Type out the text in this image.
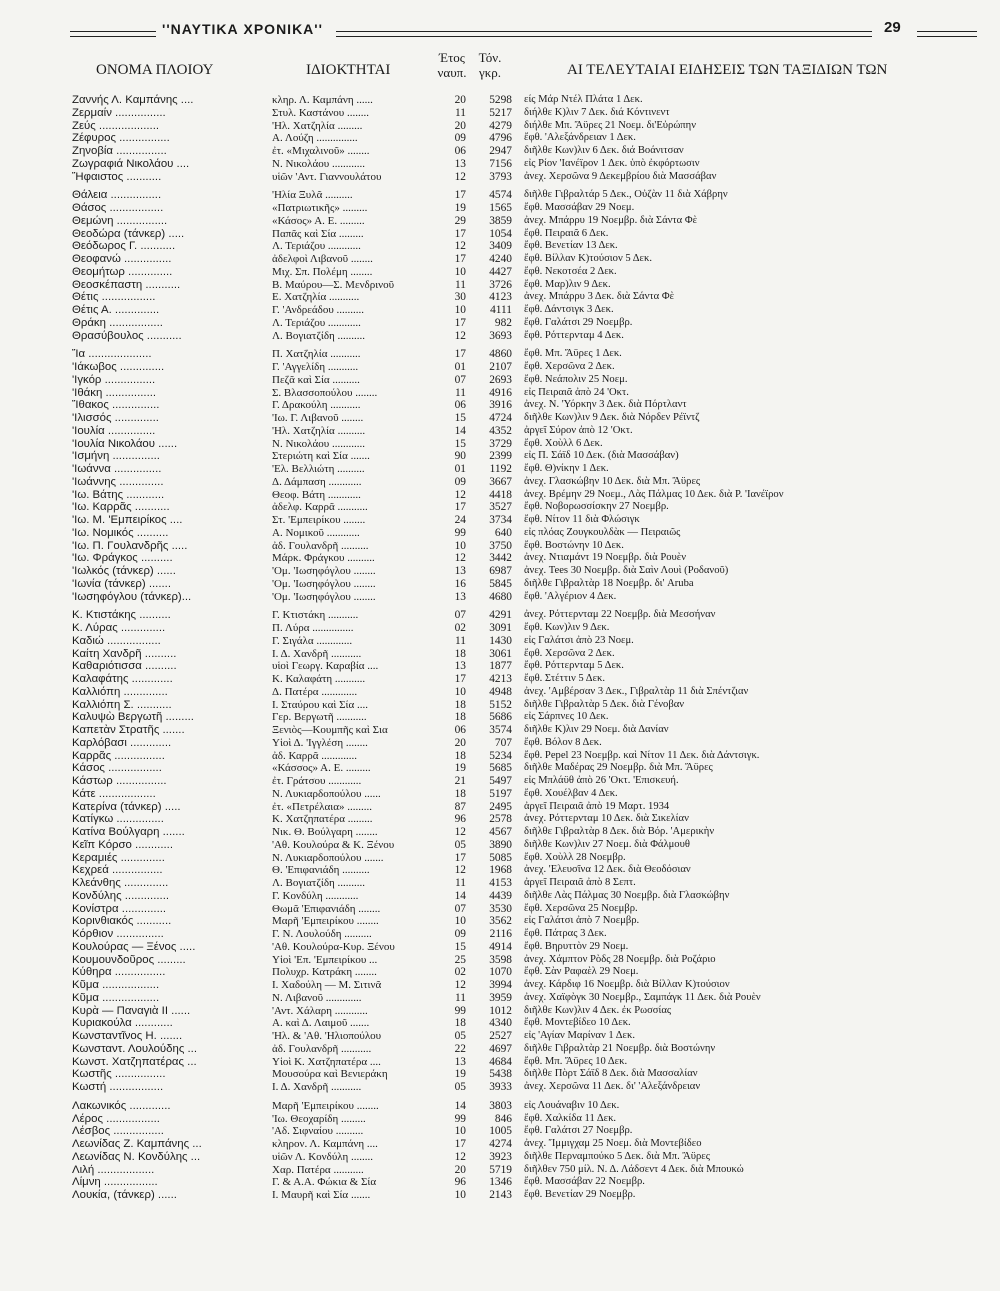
''ΝΑΥΤΙΚΑ ΧΡΟΝΙΚΑ''	29
ΟΝΟΜΑ ΠΛΟΙΟΥ	ΙΔΙΟΚΤΗΤΑΙ
Έτος ναυπ.
Τόν. γκρ.	ΑΙ ΤΕΛΕΥΤΑΙΑΙ ΕΙΔΗΣΕΙΣ ΤΩΝ ΤΑΞΙΔΙΩΝ ΤΩΝ
Ζαννής Λ. Καμπάνης ....	κληρ. Λ. Καμπάνη ......	20	5298 είς Μάρ Ντέλ Πλάτα 1 Δεκ.
Ζερμαίν ................	Στυλ. Καστάνου ........	11	5217 διήλθε Κ)λιν 7 Δεκ. διά Κόντινεντ
Ζεύς ...................	'Ηλ. Χατζηλία .........	20	4279 διήλθε Μπ. Ἄϋρες 21 Νοεμ. δι'Εὐρώπην
Ζέφυρος ................	Α. Λούζη ...............	09	4796 ἔφθ. 'Αλεξάνδρειαν 1 Δεκ.
Ζηνοβία ................	ἐτ. «Μιχαλινοῦ» ........	06	2947 διῆλθε Κων)λιν 6 Δεκ. διά Βοάνιτσαν
Ζωγραφιά Νικολάου ....	Ν. Νικολάου ............	13	7156 εἰς Ρίον 'Ιανέϊρον 1 Δεκ. ὑπὸ ἐκφόρτωσιν
Ἥφαιστος ...........	υἱῶν 'Αντ. Γιαννουλάτου	12	3793 ἀνεχ. Χερσῶνα 9 Δεκεμβρίου διὰ Μασσάβαν
Θάλεια ................	'Ηλία Ξυλᾶ ..........	17	4574 διῆλθε Γιβραλτάρ 5 Δεκ., Οὐζὰν 11 διὰ Χάβρην
Θάσος .................	«Πατριωτικῆς» .........	19	1565 ἔφθ. Μασσάβαν 29 Νοεμ.
Θεμώνη ................	«Κάσος» Α. Ε. .........	29	3859 ἀνεχ. Μπάρρυ 19 Νοεμβρ. διὰ Σάντα Φὲ
Θεοδώρα (τάνκερ) .....	Παπᾶς καὶ Σία .........	17	1054 ἔφθ. Πειραιᾶ 6 Δεκ.
Θεόδωρος Γ. ...........	Λ. Τεριάζου ............	12	3409 ἔφθ. Βενετίαν 13 Δεκ.
Θεοφανώ ...............	ἀδελφοὶ Λιβανοῦ ........	17	4240 ἔφθ. Βίλλαν Κ)τούσιον 5 Δεκ.
Θεομήτωρ ..............	Μιχ. Σπ. Πολέμη ........	10	4427 ἔφθ. Νεκοτσέα 2 Δεκ.
Θεοσκέπαστη ...........	Β. Μαύρου—Σ. Μενδρινοῦ	11	3726 ἔφθ. Μαρ)λιν 9 Δεκ.
Θέτις .................	Ε. Χατζηλία ...........	30	4123 ἀνεχ. Μπάρρυ 3 Δεκ. διὰ Σάντα Φὲ
Θέτις Α. ..............	Γ. 'Ανδρεάδου ..........	10	4111 ἔφθ. Δάντσιγκ 3 Δεκ.
Θράκη .................	Λ. Τεριάζου ............	17	982 ἔφθ. Γαλάτσι 29 Νοεμβρ.
Θρασύβουλος ...........	Λ. Βογιατζίδη ..........	12	3693 ἔφθ. Ρόττερνταμ 4 Δεκ.
Ἴα ....................	Π. Χατζηλία ...........	17	4860 ἔφθ. Μπ. Ἄϋρες 1 Δεκ.
'Ιάκωβος ..............	Γ. 'Αγγελίδη ...........	01	2107 ἔφθ. Χερσῶνα 2 Δεκ.
'Ιγκόρ ................	Πεζᾶ καὶ Σία ..........	07	2693 ἔφθ. Νεάπολιν 25 Νοεμ.
'Ιθάκη ................	Σ. Βλασσοπούλου ........	11	4916 εἰς Πειραιᾶ ἀπὸ 24 'Οκτ.
Ἴθακος ...............	Γ. Δρακούλη ...........	06	3916 ἀνεχ. Ν. 'Υόρκην 3 Δεκ. διὰ Πόρτλαντ
'Ιλισσός ..............	'Ιω. Γ. Λιβανοῦ ........	15	4724 διῆλθε Κων)λιν 9 Δεκ. διὰ Νόρδεν Ρέϊντζ
'Ιουλία ...............	'Ηλ. Χατζηλία ..........	14	4352 ἀργεῖ Σύρον ἀπὸ 12 'Οκτ.
'Ιουλία Νικολάου ......	Ν. Νικολάου ............	15	3729 ἔφθ. Χοὺλλ 6 Δεκ.
'Ισμήνη ...............	Στεριώτη καὶ Σία .......	90	2399 εἰς Π. Σάϊδ 10 Δεκ. (διὰ Μασσάβαν)
'Ιωάννα ...............	'Ελ. Βελλιώτη ..........	01	1192 ἔφθ. Θ)νίκην 1 Δεκ.
'Ιωάννης ..............	Δ. Δάμπαση ............	09	3667 ἀνεχ. Γλασκώβην 10 Δεκ. διὰ Μπ. Ἄϋρες
'Ιω. Βάτης ............	Θεοφ. Βάτη ............	12	4418 ἀνεχ. Βρέμην 29 Νοεμ., Λὰς Πάλμας 10 Δεκ. διὰ Ρ. 'Ιανέϊρον
'Ιω. Καρρᾶς ...........	ἀδελφ. Καρρᾶ ...........	17	3527 ἔφθ. Νοβορωσσίσκην 27 Νοεμβρ.
'Ιω. Μ. 'Εμπειρίκος ....	Στ. 'Εμπειρίκου ........	24	3734 ἔφθ. Νίτον 11 διὰ Φλώσιγκ
'Ιω. Νομικός ..........	Α. Νομικοῦ ............	99	640 εἰς πλόας Ζουγκουλδὰκ — Πειραιῶς
'Ιω. Π. Γουλανδρῆς .....	ἀδ. Γουλανδρῆ ..........	10	3750 ἔφθ. Βοστώνην 10 Δεκ.
'Ιω. Φράγκος ..........	Μάρκ. Φράγκου ..........	12	3442 ἀνεχ. Ντιαμάντ 19 Νοεμβρ. διὰ Ρουὲν
'Ιωλκός (τάνκερ) ......	'Ομ. 'Ιωσηφόγλου ........	13	6987 ἀνεχ. Tees 30 Νοεμβρ. διὰ Σαὶν Λουὶ (Ροδανοῦ)
'Ιωνία (τάνκερ) .......	'Ομ. 'Ιωσηφόγλου ........	16	5845 διῆλθε Γιβραλτὰρ 18 Νοεμβρ. δι' Aruba
'Ιωσηφόγλου (τάνκερ)...	'Ομ. 'Ιωσηφόγλου ........	13	4680 ἔφθ. 'Αλγέριον 4 Δεκ.
Κ. Κτιστάκης ..........	Γ. Κτιστάκη ...........	07	4291 ἀνεχ. Ρόττερνταμ 22 Νοεμβρ. διὰ Μεσσήναν
Κ. Λύρας ..............	Π. Λύρα ...............	02	3091 ἔφθ. Κων)λιν 9 Δεκ.
Καδιώ .................	Γ. Σιγάλα .............	11	1430 εἰς Γαλάτσι ἀπὸ 23 Νοεμ.
Καίτη Χανδρῆ ..........	Ι. Δ. Χανδρῆ ...........	18	3061 ἔφθ. Χερσῶνα 2 Δεκ.
Καθαριότισσα ..........	υἱοὶ Γεωργ. Καραβία ....	13	1877 ἔφθ. Ρόττερνταμ 5 Δεκ.
Καλαφάτης .............	Κ. Καλαφάτη ...........	17	4213 ἔφθ. Στέττιν 5 Δεκ.
Καλλιόπη ..............	Δ. Πατέρα .............	10	4948 ἀνεχ. 'Αμβέρσαν 3 Δεκ., Γιβραλτὰρ 11 διὰ Σπέντζιαν
Καλλιόπη Σ. ...........	Ι. Σταύρου καὶ Σία ....	18	5152 διῆλθε Γιβραλτὰρ 5 Δεκ. διὰ Γένοβαν
Καλυψὼ Βεργωτῆ .........	Γερ. Βεργωτῆ ...........	18	5686 εἰς Σάρπνες 10 Δεκ.
Καπετὰν Στρατῆς .......	Ξενιὸς—Κουμπῆς καὶ Σια	06	3574 διῆλθε Κ)λιν 29 Νοεμ. διὰ Δανίαν
Καρλόβασι .............	Υἱοὶ Δ. 'Ιγγλέση ........	20	707 ἔφθ. Βόλον 8 Δεκ.
Καρρᾶς ................	ἀδ. Καρρᾶ .............	18	5234 ἔφθ. Pepel 23 Νοεμβρ. καὶ Νίτον 11 Δεκ. διὰ Δάντσιγκ.
Κάσος .................	«Κάσσος» Α. Ε. .........	19	5685 διῆλθε Μαδέρας 29 Νοεμβρ. διὰ Μπ. Ἄϋρες
Κάστωρ ................	ἐτ. Γράτσου ............	21	5497 εἰς Μπλάϋθ ἀπὸ 26 'Οκτ. 'Επισκευή.
Κάτε ..................	Ν. Λυκιαρδοπούλου ......	18	5197 ἔφθ. Χουέλβαν 4 Δεκ.
Κατερίνα (τάνκερ) .....	ἐτ. «Πετρέλαια» .........	87	2495 ἀργεῖ Πειραιᾶ ἀπὸ 19 Μαρτ. 1934
Κατίγκω ...............	Κ. Χατζηπατέρα .........	96	2578 ἀνεχ. Ρόττερνταμ 10 Δεκ. διὰ Σικελίαν
Κατίνα Βούλγαρη .......	Νικ. Θ. Βούλγαρη ........	12	4567 διῆλθε Γιβραλτὰρ 8 Δεκ. διὰ Βόρ. 'Αμερικὴν
Κεῖπ Κόρσο ............	'Αθ. Κουλούρα & Κ. Ξένου	05	3890 διῆλθε Κων)λιν 27 Νοεμ. διὰ Φάλμουθ
Κεραμιές ..............	Ν. Λυκιαρδοπούλου .......	17	5085 ἔφθ. Χοὺλλ 28 Νοεμβρ.
Κεχρεά ................	Θ. 'Επιφανιάδη ..........	12	1968 ἀνεχ. 'Ελευσῖνα 12 Δεκ. διὰ Θεοδόσιαν
Κλεάνθης ..............	Λ. Βογιατζίδη ..........	11	4153 ἀργεῖ Πειραιᾶ ἀπὸ 8 Σεπτ.
Κονδύλης ..............	Γ. Κονδύλη ............	14	4439 διῆλθε Λὰς Πάλμας 30 Νοεμβρ. διὰ Γλασκώβην
Κονίστρα ..............	Θωμᾶ 'Επιφανιάδη ........	07	3530 ἔφθ. Χερσῶνα 25 Νοεμβρ.
Κορινθιακός ...........	Μαρῆ 'Εμπειρίκου ........	10	3562 εἰς Γαλάτσι ἀπὸ 7 Νοεμβρ.
Κόρθιον ...............	Γ. Ν. Λουλούδη ..........	09	2116 ἔφθ. Πάτρας 3 Δεκ.
Κουλούρας — Ξένος .....	'Αθ. Κουλούρα-Κυρ. Ξένου	15	4914 ἔφθ. Βηρυττὸν 29 Νοεμ.
Κουμουνδοῦρος .........	Υἱοὶ 'Επ. 'Εμπειρίκου ...	25	3598 ἀνεχ. Χάμπτον Ρὸδς 28 Νοεμβρ. διὰ Ροζάριο
Κύθηρα ................	Πολυχρ. Κατράκη ........	02	1070 ἔφθ. Σὰν Ραφαὲλ 29 Νοεμ.
Κῦμα ..................	Ι. Χαδούλη — Μ. Σιτινᾶ	12	3994 ἀνεχ. Κάρδιφ 16 Νοεμβρ. διὰ Βίλλαν Κ)τούσιον
Κῦμα ..................	Ν. Λιβανοῦ .............	11	3959 ἀνεχ. Χαϊφὸγκ 30 Νοεμβρ., Σαμπάγκ 11 Δεκ. διὰ Ρουὲν
Κυρὰ — Παναγιὰ ΙΙ ......	'Αντ. Χάλαρη ............	99	1012 διῆλθε Κων)λιν 4 Δεκ. ἐκ Ρωσσίας
Κυριακούλα ............	Α. καὶ Δ. Λαιμοῦ .......	18	4340 ἔφθ. Μοντεβίδεο 10 Δεκ.
Κωνσταντῖνος Η. .......	'Ηλ. & 'Αθ. 'Ηλιοπούλου	05	2527 εἰς 'Αγίαν Μαρίναν 1 Δεκ.
Κωνσταντ. Λουλούδης ...	ἀδ. Γουλανδρῆ ...........	22	4697 διῆλθε Γιβραλτὰρ 21 Νοεμβρ. διὰ Βοστώνην
Κωνστ. Χατζηπατέρας ...	Υἱοὶ Κ. Χατζηπατέρα ....	13	4684 ἔφθ. Μπ. Ἄϋρες 10 Δεκ.
Κωστῆς ................	Μουσούρα καὶ Βενιεράκη	19	5438 διῆλθε Πὸρτ Σάϊδ 8 Δεκ. διὰ Μασσαλίαν
Κωστή .................	Ι. Δ. Χανδρῆ ...........	05	3933 ἀνεχ. Χερσῶνα 11 Δεκ. δι' 'Αλεξάνδρειαν
Λακωνικός .............	Μαρῆ 'Εμπειρίκου ........	14	3803 εἰς Λουάναβιν 10 Δεκ.
Λέρος .................	'Ιω. Θεοχαρίδη .........	99	846 ἔφθ. Χαλκίδα 11 Δεκ.
Λέσβος ................	'Αδ. Σιφναίου ..........	10	1005 ἔφθ. Γαλάτσι 27 Νοεμβρ.
Λεωνίδας Ζ. Καμπάνης ...	κληρον. Λ. Καμπάνη ....	17	4274 ἀνεχ. Ἴμμιγχαμ 25 Νοεμ. διὰ Μοντεβίδεο
Λεωνίδας Ν. Κονδύλης ...	υἱῶν Λ. Κονδύλη ........	12	3923 διῆλθε Περναμπούκο 5 Δεκ. διὰ Μπ. Ἄϋρες
Λιλή ..................	Χαρ. Πατέρα ...........	20	5719 διῆλθεν 750 μίλ. Ν. Δ. Λάδσεντ 4 Δεκ. διὰ Μπουκώ
Λίμνη .................	Γ. & Α.Α. Φώκια & Σία	96	1346 ἔφθ. Μασσάβαν 22 Νοεμβρ.
Λουκία, (τάνκερ) ......	Ι. Μαυρῆ καὶ Σία .......	10	2143 ἔφθ. Βενετίαν 29 Νοεμβρ.
